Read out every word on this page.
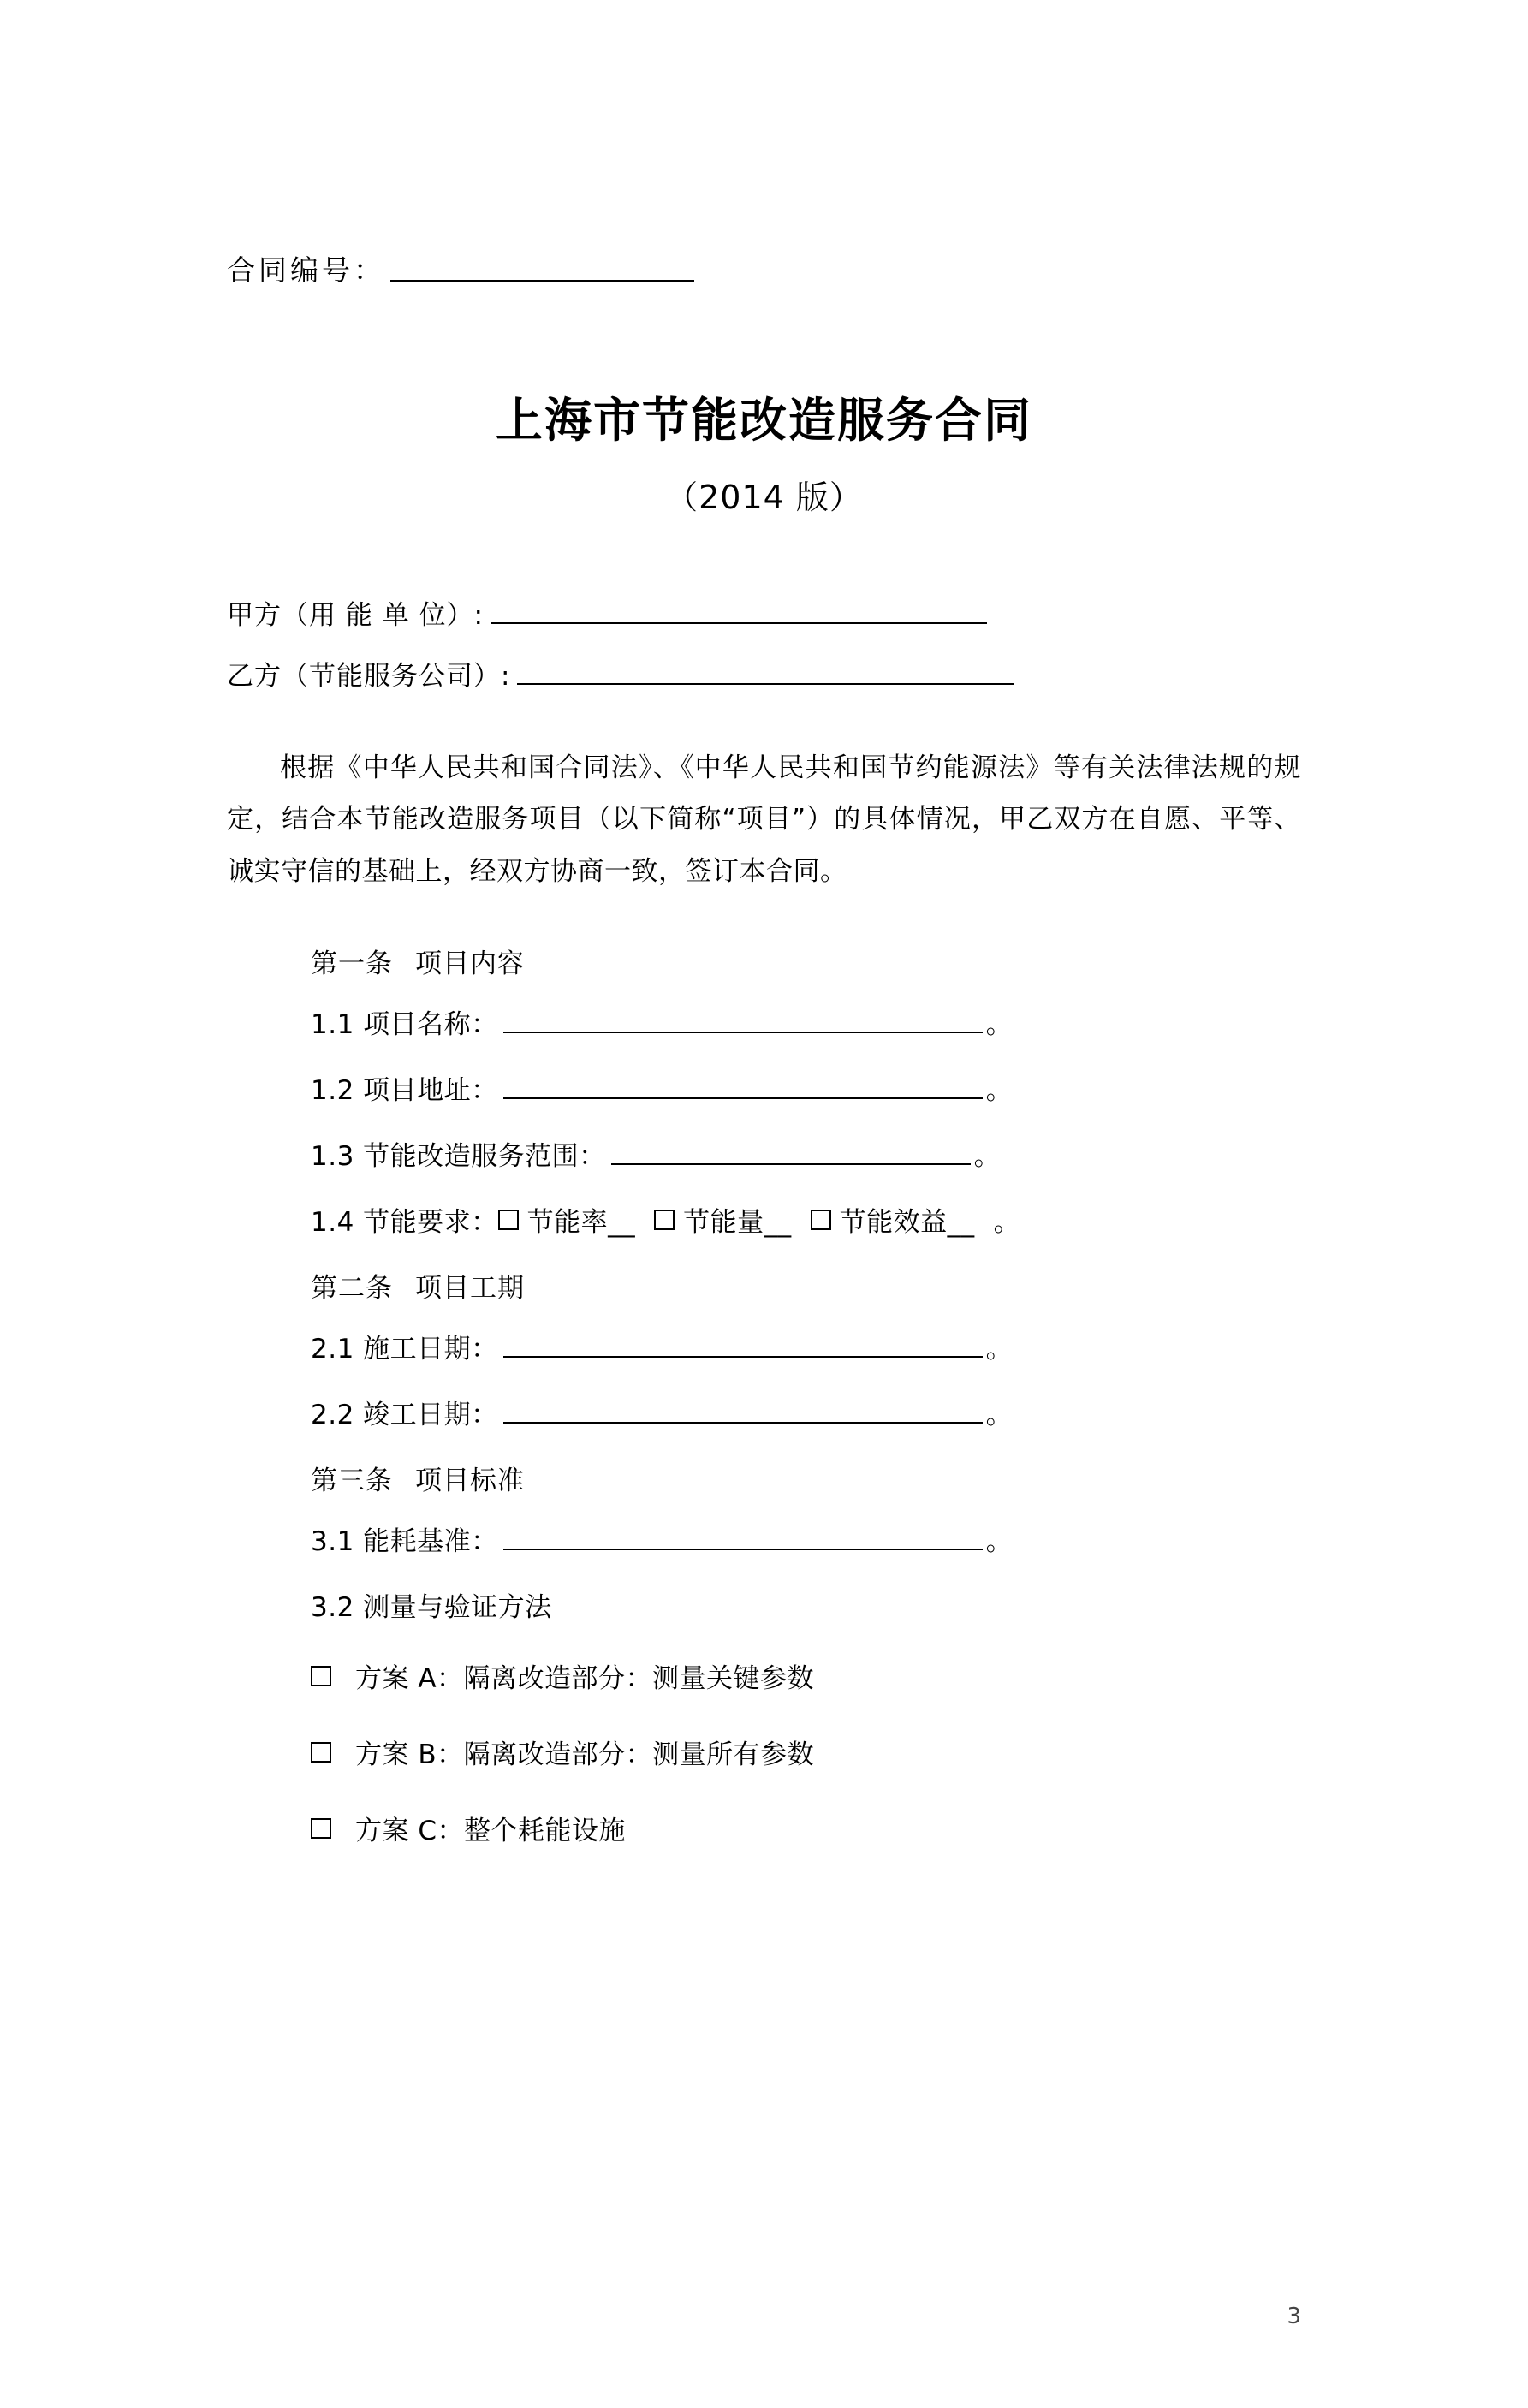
合同编号：
上海市节能改造服务合同
（2014 版）
甲方（用 能 单 位）:
乙方（节能服务公司）:

根据《中华人民共和国合同法》、《中华人民共和国节约能源法》等有关法律法规的规定，结合本节能改造服务项目（以下简称“项目”）的具体情况，甲乙双方在自愿、平等、诚实守信的基础上，经双方协商一致，签订本合同。

第一条 项目内容
1.1 项目名称：	。
1.2 项目地址：	。
1.3 节能改造服务范围：	。
1.4 节能要求： 节能率__ 节能量__ 节能效益__ 。
第二条 项目工期
2.1 施工日期：	。
2.2 竣工日期：	。
第三条 项目标准
3.1 能耗基准：	。
3.2 测量与验证方法
方案 A：隔离改造部分：测量关键参数
方案 B：隔离改造部分：测量所有参数
方案 C：整个耗能设施
3
